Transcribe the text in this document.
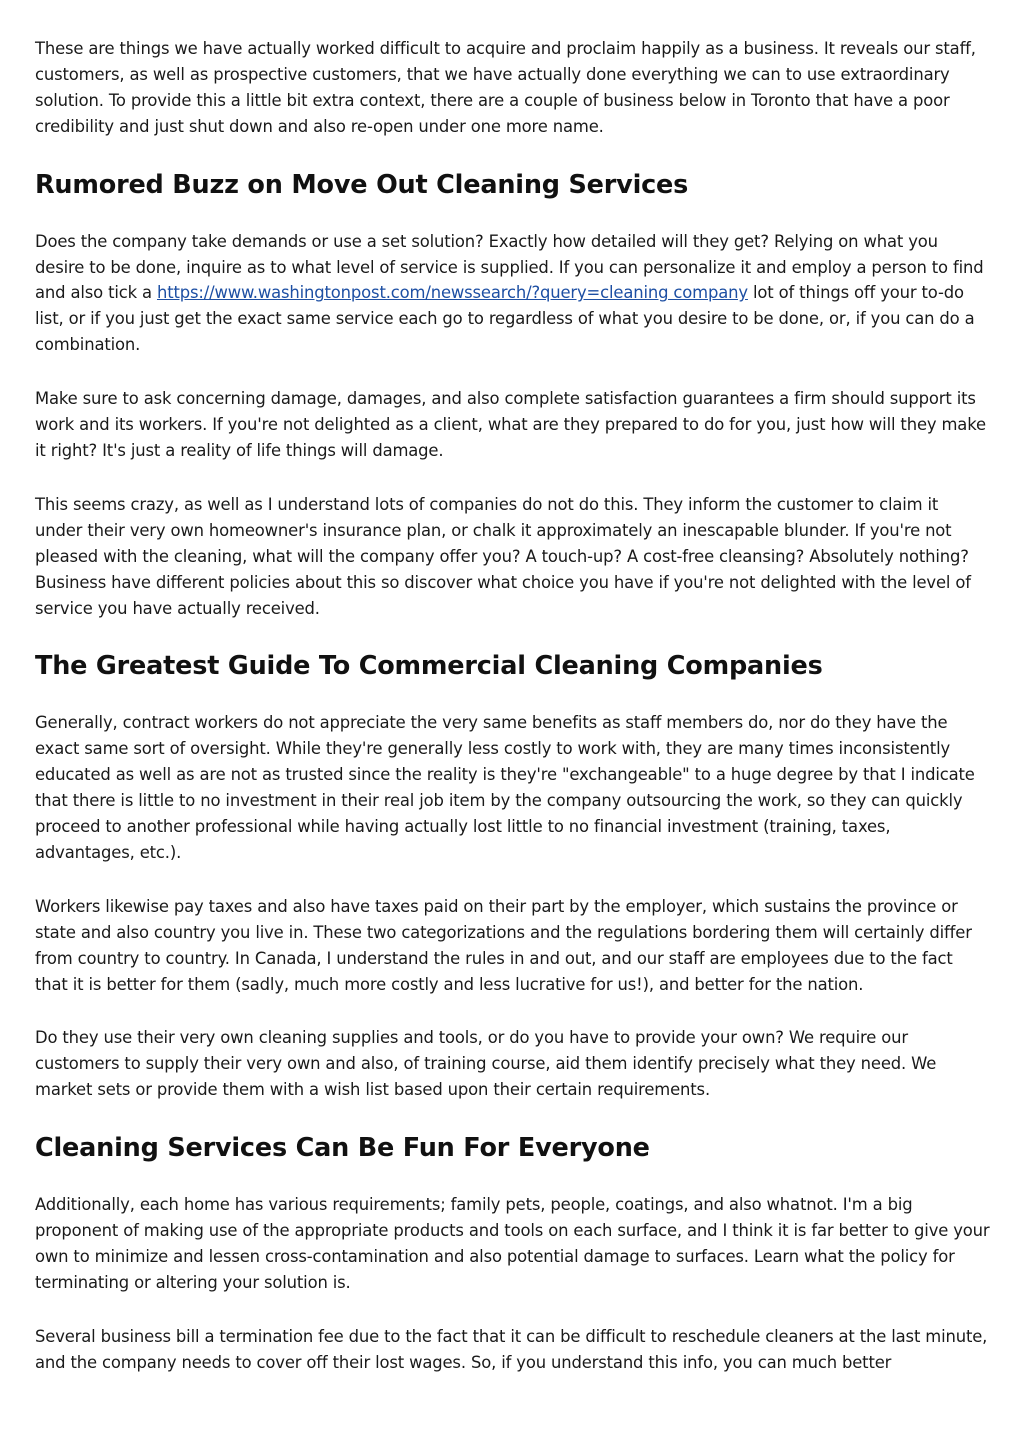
These are things we have actually worked difficult to acquire and proclaim happily as a business. It reveals our staff, customers, as well as prospective customers, that we have actually done everything we can to use extraordinary solution. To provide this a little bit extra context, there are a couple of business below in Toronto that have a poor credibility and just shut down and also re-open under one more name.

Rumored Buzz on Move Out Cleaning Services

Does the company take demands or use a set solution? Exactly how detailed will they get? Relying on what you desire to be done, inquire as to what level of service is supplied. If you can personalize it and employ a person to find and also tick a https://www.washingtonpost.com/newssearch/?query=cleaning company lot of things off your to-do list, or if you just get the exact same service each go to regardless of what you desire to be done, or, if you can do a combination.

Make sure to ask concerning damage, damages, and also complete satisfaction guarantees a firm should support its work and its workers. If you're not delighted as a client, what are they prepared to do for you, just how will they make it right? It's just a reality of life things will damage.

This seems crazy, as well as I understand lots of companies do not do this. They inform the customer to claim it under their very own homeowner's insurance plan, or chalk it approximately an inescapable blunder. If you're not pleased with the cleaning, what will the company offer you? A touch-up? A cost-free cleansing? Absolutely nothing? Business have different policies about this so discover what choice you have if you're not delighted with the level of service you have actually received.

The Greatest Guide To Commercial Cleaning Companies

Generally, contract workers do not appreciate the very same benefits as staff members do, nor do they have the exact same sort of oversight. While they're generally less costly to work with, they are many times inconsistently educated as well as are not as trusted since the reality is they're "exchangeable" to a huge degree by that I indicate that there is little to no investment in their real job item by the company outsourcing the work, so they can quickly proceed to another professional while having actually lost little to no financial investment (training, taxes, advantages, etc.).

Workers likewise pay taxes and also have taxes paid on their part by the employer, which sustains the province or state and also country you live in. These two categorizations and the regulations bordering them will certainly differ from country to country. In Canada, I understand the rules in and out, and our staff are employees due to the fact that it is better for them (sadly, much more costly and less lucrative for us!), and better for the nation.

Do they use their very own cleaning supplies and tools, or do you have to provide your own? We require our customers to supply their very own and also, of training course, aid them identify precisely what they need. We market sets or provide them with a wish list based upon their certain requirements.

Cleaning Services Can Be Fun For Everyone

Additionally, each home has various requirements; family pets, people, coatings, and also whatnot. I'm a big proponent of making use of the appropriate products and tools on each surface, and I think it is far better to give your own to minimize and lessen cross-contamination and also potential damage to surfaces. Learn what the policy for terminating or altering your solution is.

Several business bill a termination fee due to the fact that it can be difficult to reschedule cleaners at the last minute, and the company needs to cover off their lost wages. So, if you understand this info, you can much better
